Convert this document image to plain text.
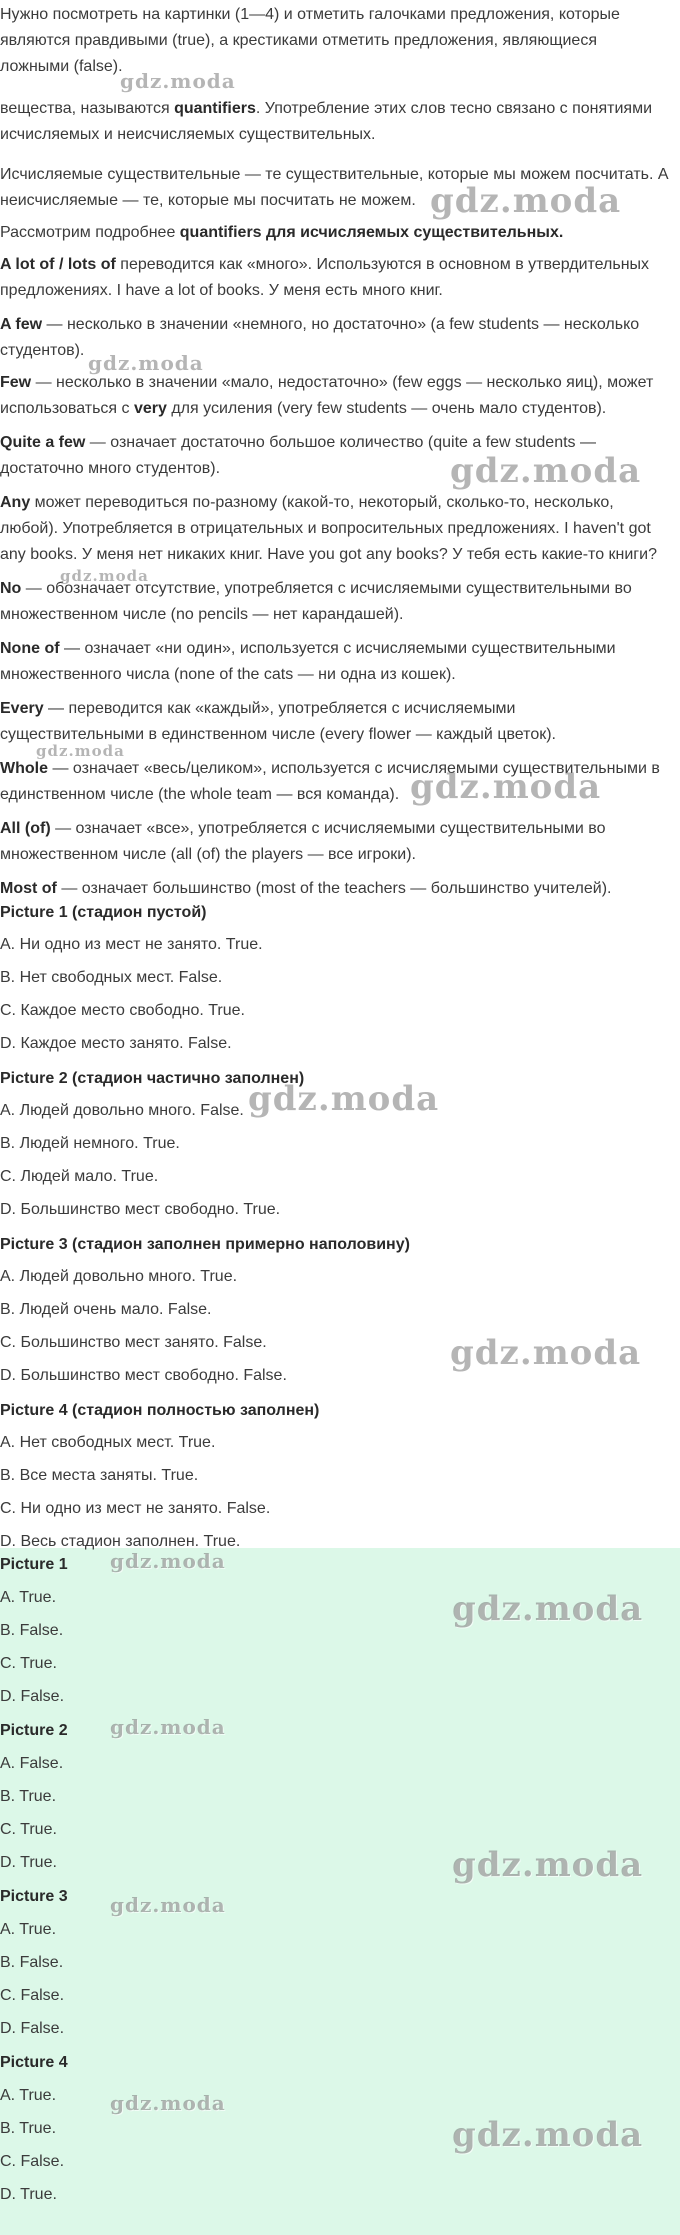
Нужно посмотреть на картинки (1—4) и отметить галочками предложения, которые

являются правдивыми (true), а крестиками отметить предложения, являющиеся

ложными (false).

вещества, называются quantifiers. Употребление этих слов тесно связано с понятиями

исчисляемых и неисчисляемых существительных.

Исчисляемые существительные — те существительные, которые мы можем посчитать. А

неисчисляемые — те, которые мы посчитать не можем.

Рассмотрим подробнее quantifiers для исчисляемых существительных.

A lot of / lots of переводится как «много». Используются в основном в утвердительных

предложениях. I have a lot of books. У меня есть много книг.

A few — несколько в значении «немного, но достаточно» (a few students — несколько

студентов).

Few — несколько в значении «мало, недостаточно» (few eggs — несколько яиц), может

использоваться с very для усиления (very few students — очень мало студентов).

Quite a few — означает достаточно большое количество (quite a few students —

достаточно много студентов).

Any может переводиться по-разному (какой-то, некоторый, сколько-то, несколько,

любой). Употребляется в отрицательных и вопросительных предложениях. I haven't got

any books. У меня нет никаких книг. Have you got any books? У тебя есть какие-то книги?

No — обозначает отсутствие, употребляется с исчисляемыми существительными во

множественном числе (no pencils — нет карандашей).

None of — означает «ни один», используется с исчисляемыми существительными

множественного числа (none of the cats — ни одна из кошек).

Every — переводится как «каждый», употребляется с исчисляемыми

существительными в единственном числе (every flower — каждый цветок).

Whole — означает «весь/целиком», используется с исчисляемыми существительными в

единственном числе (the whole team — вся команда).

All (of) — означает «все», употребляется с исчисляемыми существительными во

множественном числе (all (of) the players — все игроки).

Most of — означает большинство (most of the teachers — большинство учителей).

Picture 1 (стадион пустой)

A. Ни одно из мест не занято. True.

B. Нет свободных мест. False.

C. Каждое место свободно. True.

D. Каждое место занято. False.

Picture 2 (стадион частично заполнен)

A. Людей довольно много. False.

B. Людей немного. True.

C. Людей мало. True.

D. Большинство мест свободно. True.

Picture 3 (стадион заполнен примерно наполовину)

A. Людей довольно много. True.

B. Людей очень мало. False.

C. Большинство мест занято. False.

D. Большинство мест свободно. False.

Picture 4 (стадион полностью заполнен)

A. Нет свободных мест. True.

B. Все места заняты. True.

C. Ни одно из мест не занято. False.

D. Весь стадион заполнен. True.

Picture 1

A. True.

B. False.

C. True.

D. False.

Picture 2

A. False.

B. True.

C. True.

D. True.

Picture 3

A. True.

B. False.

C. False.

D. False.

Picture 4

A. True.

B. True.

C. False.

D. True.

gdz.moda
gdz.moda
gdz.moda
gdz.moda
gdz.moda
gdz.moda
gdz.moda
gdz.moda
gdz.moda
gdz.moda
gdz.moda
gdz.moda
gdz.moda
gdz.moda
gdz.moda
gdz.moda
